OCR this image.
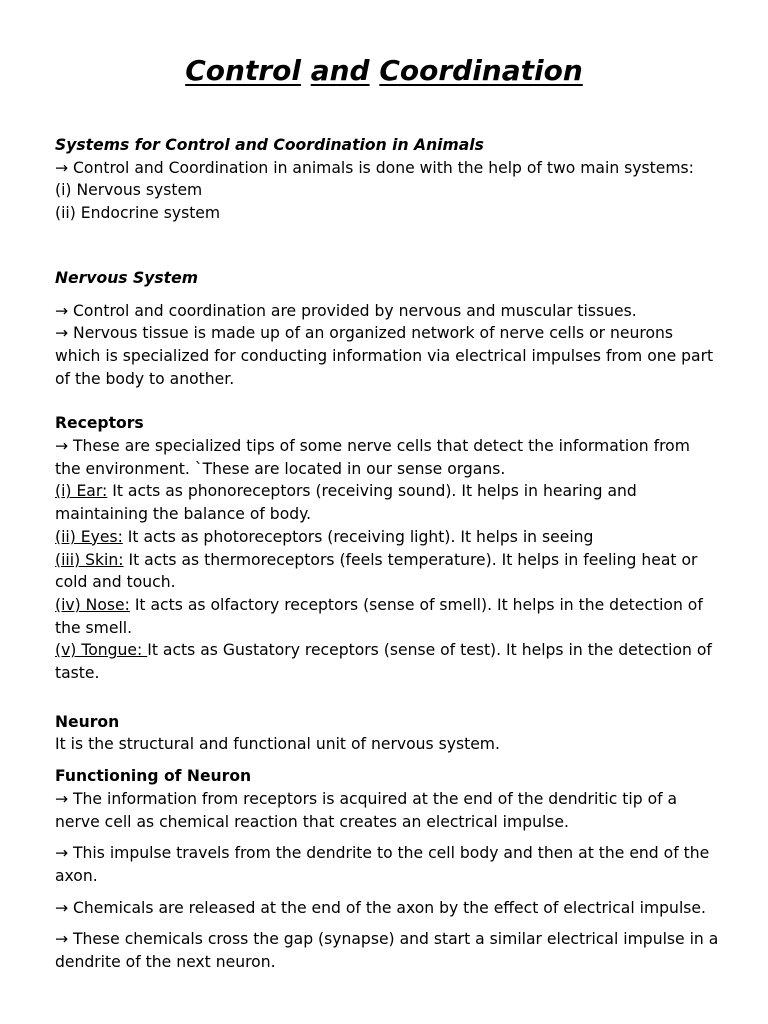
Control and Coordination

Systems for Control and Coordination in Animals

→ Control and Coordination in animals is done with the help of two main systems:

(i) Nervous system

(ii) Endocrine system

Nervous System

→ Control and coordination are provided by nervous and muscular tissues.

→ Nervous tissue is made up of an organized network of nerve cells or neurons which is specialized for conducting information via electrical impulses from one part of the body to another.

Receptors

→ These are specialized tips of some nerve cells that detect the information from the environment. `These are located in our sense organs.

(i) Ear: It acts as phonoreceptors (receiving sound). It helps in hearing and maintaining the balance of body.

(ii) Eyes: It acts as photoreceptors (receiving light). It helps in seeing

(iii) Skin: It acts as thermoreceptors (feels temperature). It helps in feeling heat or cold and touch.

(iv) Nose: It acts as olfactory receptors (sense of smell). It helps in the detection of the smell.

(v) Tongue: It acts as Gustatory receptors (sense of test). It helps in the detection of taste.

Neuron

It is the structural and functional unit of nervous system.

Functioning of Neuron

→ The information from receptors is acquired at the end of the dendritic tip of a nerve cell as chemical reaction that creates an electrical impulse.

→ This impulse travels from the dendrite to the cell body and then at the end of the axon.

→ Chemicals are released at the end of the axon by the effect of electrical impulse.

→ These chemicals cross the gap (synapse) and start a similar electrical impulse in a dendrite of the next neuron.
